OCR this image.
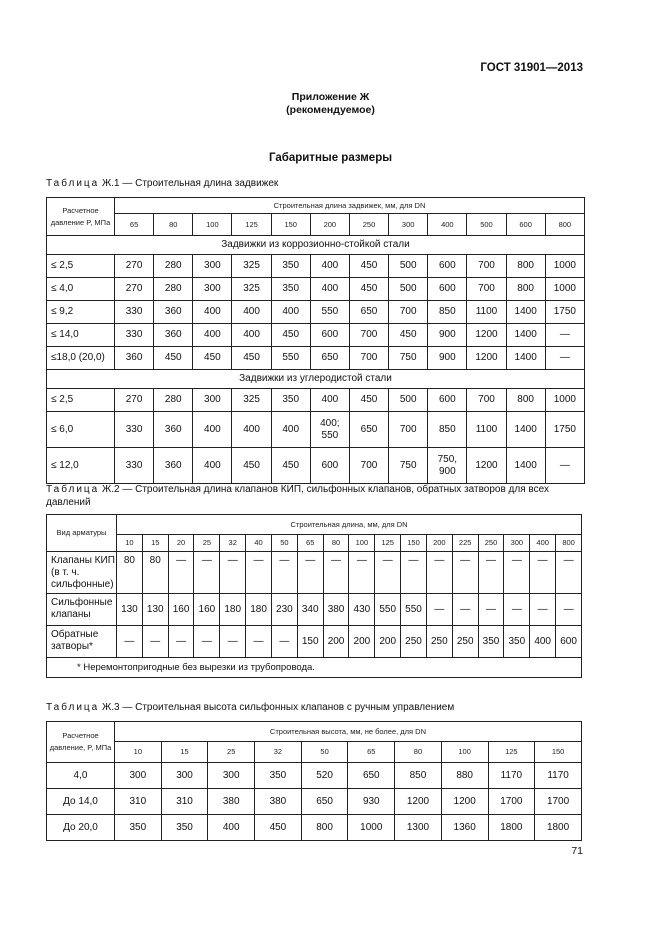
ГОСТ 31901—2013
Приложение Ж
(рекомендуемое)
Габаритные размеры
Таблица Ж.1 — Строительная длина задвижек
Расчетное давление P, МПа	Строительная длина задвижек, мм, для DN											
	65	80	100	125	150	200	250	300	400	500	600	800
Задвижки из коррозионно-стойкой стали												
≤ 2,5	270	280	300	325	350	400	450	500	600	700	800	1000
≤ 4,0	270	280	300	325	350	400	450	500	600	700	800	1000
≤ 9,2	330	360	400	400	400	550	650	700	850	1100	1400	1750
≤ 14,0	330	360	400	400	450	600	700	450	900	1200	1400	—
≤18,0 (20,0)	360	450	450	450	550	650	700	750	900	1200	1400	—
Задвижки из углеродистой стали												
≤ 2,5	270	280	300	325	350	400	450	500	600	700	800	1000
≤ 6,0	330	360	400	400	400	400; 550	650	700	850	1100	1400	1750
≤ 12,0	330	360	400	450	450	600	700	750	750, 900	1200	1400	—
Таблица Ж.2 — Строительная длина клапанов КИП, сильфонных клапанов, обратных затворов для всех давлений
Вид арматуры	Строительная длина, мм, для DN																	
	10	15	20	25	32	40	50	65	80	100	125	150	200	225	250	300	400	800
Клапаны КИП (в т. ч. сильфонные)	80	80	—	—	—	—	—	—	—	—	—	—	—	—	—	—	—	—
Сильфонные клапаны	130	130	160	160	180	180	230	340	380	430	550	550	—	—	—	—	—	—
Обратные затворы*	—	—	—	—	—	—	—	150	200	200	200	250	250	250	350	350	400	600
* Неремонтопригодные без вырезки из трубопровода.																		
Таблица Ж.3 — Строительная высота сильфонных клапанов с ручным управлением
Расчетное давление, P, МПа	Строительная высота, мм, не более, для DN									
	10	15	25	32	50	65	80	100	125	150
4,0	300	300	300	350	520	650	850	880	1170	1170
До 14,0	310	310	380	380	650	930	1200	1200	1700	1700
До 20,0	350	350	400	450	800	1000	1300	1360	1800	1800
71
